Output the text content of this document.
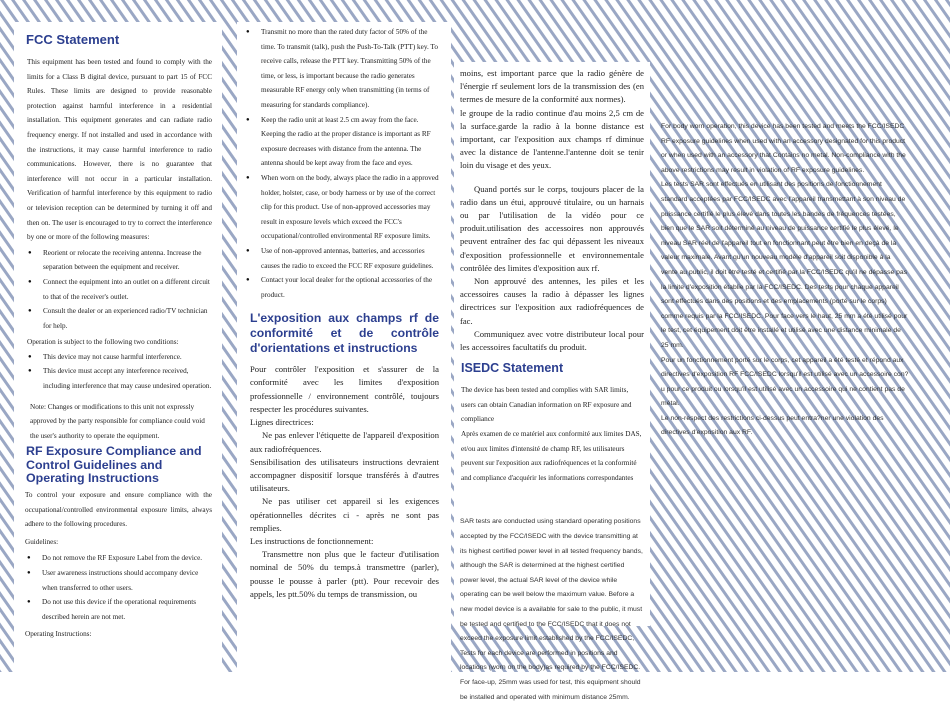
FCC Statement

This equipment has been tested and found to comply with the limits for a Class B digital device, pursuant to part 15 of FCC Rules. These limits are designed to provide reasonable protection against harmful interference in a residential installation. This equipment generates and can radiate radio frequency energy. If not installed and used in accordance with the instructions, it may cause harmful interference to radio communications. However, there is no guarantee that interference will not occur in a particular installation. Verification of harmful interference by this equipment to radio or television reception can be determined by turning it off and then on. The user is encouraged to try to correct the interference by one or more of the following measures:

● Reorient or relocate the receiving antenna. Increase the separation between the equipment and receiver.
● Connect the equipment into an outlet on a different circuit to that of the receiver's outlet.
● Consult the dealer or an experienced radio/TV technician for help.

Operation is subject to the following two conditions:

● This device may not cause harmful interference.
● This device must accept any interference received, including interference that may cause undesired operation.

Note: Changes or modifications to this unit not expressly approved by the party responsible for compliance could void the user's authority to operate the equipment.

RF Exposure Compliance and Control Guidelines and Operating Instructions

To control your exposure and ensure compliance with the occupational/controlled environmental exposure limits, always adhere to the following procedures.

Guidelines:

● Do not remove the RF Exposure Label from the device.
● User awareness instructions should accompany device when transferred to other users.
● Do not use this device if the operational requirements described herein are not met.

Operating Instructions:

● Transmit no more than the rated duty factor of 50% of the time. To transmit (talk), push the Push-To-Talk (PTT) key. To receive calls, release the PTT key. Transmitting 50% of the time, or less, is important because the radio generates measurable RF energy only when transmitting (in terms of measuring for standards compliance).
● Keep the radio unit at least 2.5 cm away from the face. Keeping the radio at the proper distance is important as RF exposure decreases with distance from the antenna. The antenna should be kept away from the face and eyes.
● When worn on the body, always place the radio in a approved holder, holster, case, or body harness or by use of the correct clip for this product. Use of non-approved accessories may result in exposure levels which exceed the FCC's occupational/controlled environmental RF exposure limits.
● Use of non-approved antennas, batteries, and accessories causes the radio to exceed the FCC RF exposure guidelines.
● Contact your local dealer for the optional accessories of the product.
L'exposition aux champs rf de conformité et de contrôle d'orientations et instructions

Pour contrôler l'exposition et s'assurer de la conformité avec les limites d'exposition professionnelle / environnement contrôlé, toujours respecter les procédures suivantes.

Lignes directrices:

Ne pas enlever l'étiquette de l'appareil d'exposition aux radiofréquences.

Sensibilisation des utilisateurs instructions devraient accompagner dispositif lorsque transférés à d'autres utilisateurs.

Ne pas utiliser cet appareil si les exigences opérationnelles décrites ci - après ne sont pas remplies.

Les instructions de fonctionnement:

Transmettre non plus que le facteur d'utilisation nominal de 50% du temps.à transmettre (parler), pousse le pousse à parler (ptt). Pour recevoir des appels, les ptt.50% du temps de transmission, ou

moins, est important parce que la radio génère de l'énergie rf seulement lors de la transmission des (en termes de mesure de la conformité aux normes).

le groupe de la radio continue d'au moins 2,5 cm de la surface.garde la radio à la bonne distance est important, car l'exposition aux champs rf diminue avec la distance de l'antenne.l'antenne doit se tenir loin du visage et des yeux.

Quand portés sur le corps, toujours placer de la radio dans un étui, approuvé titulaire, ou un harnais ou par l'utilisation de la vidéo pour ce produit.utilisation des accessoires non approuvés peuvent entraîner des fac qui dépassent les niveaux d'exposition professionnelle et environnementale contrôlée des limites d'exposition aux rf.

Non approuvé des antennes, les piles et les accessoires causes la radio à dépasser les lignes directrices sur l'exposition aux radiofréquences de fac.

Communiquez avec votre distributeur local pour les accessoires facultatifs du produit.

ISEDC Statement

The device has been tested and complies with SAR limits, users can obtain Canadian information on RF exposure and compliance

Après examen de ce matériel aux conformité aux limites DAS, et/ou aux limites d'intensité de champ RF, les utilisateurs peuvent sur l'exposition aux radiofréquences et la conformité and compliance d'acquérir les informations correspondantes

SAR tests are conducted using standard operating positions accepted by the FCC/ISEDC with the device transmitting at its highest certified power level in all tested frequency bands, although the SAR is determined at the highest certified power level, the actual SAR level of the device while operating can be well below the maximum value. Before a new model device is a available for sale to the public, it must be tested and certified to the FCC/ISEDC that it does not exceed the exposure limit established by the FCC/ISEDC, Tests for each device are performed in positions and locations (worn on the body)as required by the FCC/ISEDC. For face-up, 25mm was used for test, this equipment should be installed and operated with minimum distance 25mm.

For body worn operation, this device has been tested and meets the FCC/ISEDC RF exposure guidelines when used with an accessory designated for this product or when used with an accessory that Contains no metal. Non-compliance with the above restrictions may result in violation of RF exposure guidelines.

Les tests SAR sont effectués en utilisant des positions de fonctionnement standard acceptées par FCC/ISEDC avec l'appareil transmettant à son niveau de puissance certifié le plus élevé dans toutes les bandes de fréquences testées, bien que le SAR soit déterminé au niveau de puissance certifié le plus élevé, le niveau SAR réel de l'appareil tout en fonctionnant peut être bien en deçà de la valeur maximale. Avant qu'un nouveau modèle d'appareil soit disponible à la vente au public, il doit être testé et certifié par la FCC/ISEDC qu'il ne dépasse pas la limite d'exposition établie par la FCC/ISEDC. Des tests pour chaque appareil sont effectués dans des positions et des emplacements (porté sur le corps) comme requis par la FCC/ISEDC. Pour face vers le haut, 25 mm a été utilisé pour le test, cet équipement doit être installé et utilisé avec une distance minimale de 25 mm.

Pour un fonctionnement porté sur le corps, cet appareil a été testé et répond aux directives d'exposition RF FCC/ISEDC lorsqu'il est utilisé avec un accessoire con?u pour ce produit ou lorsqu'il est utilisé avec un accessoire qui ne contient pas de métal.

Le non-respect des restrictions ci-dessus peut entra?ner une violation des directives d'exposition aux RF.
